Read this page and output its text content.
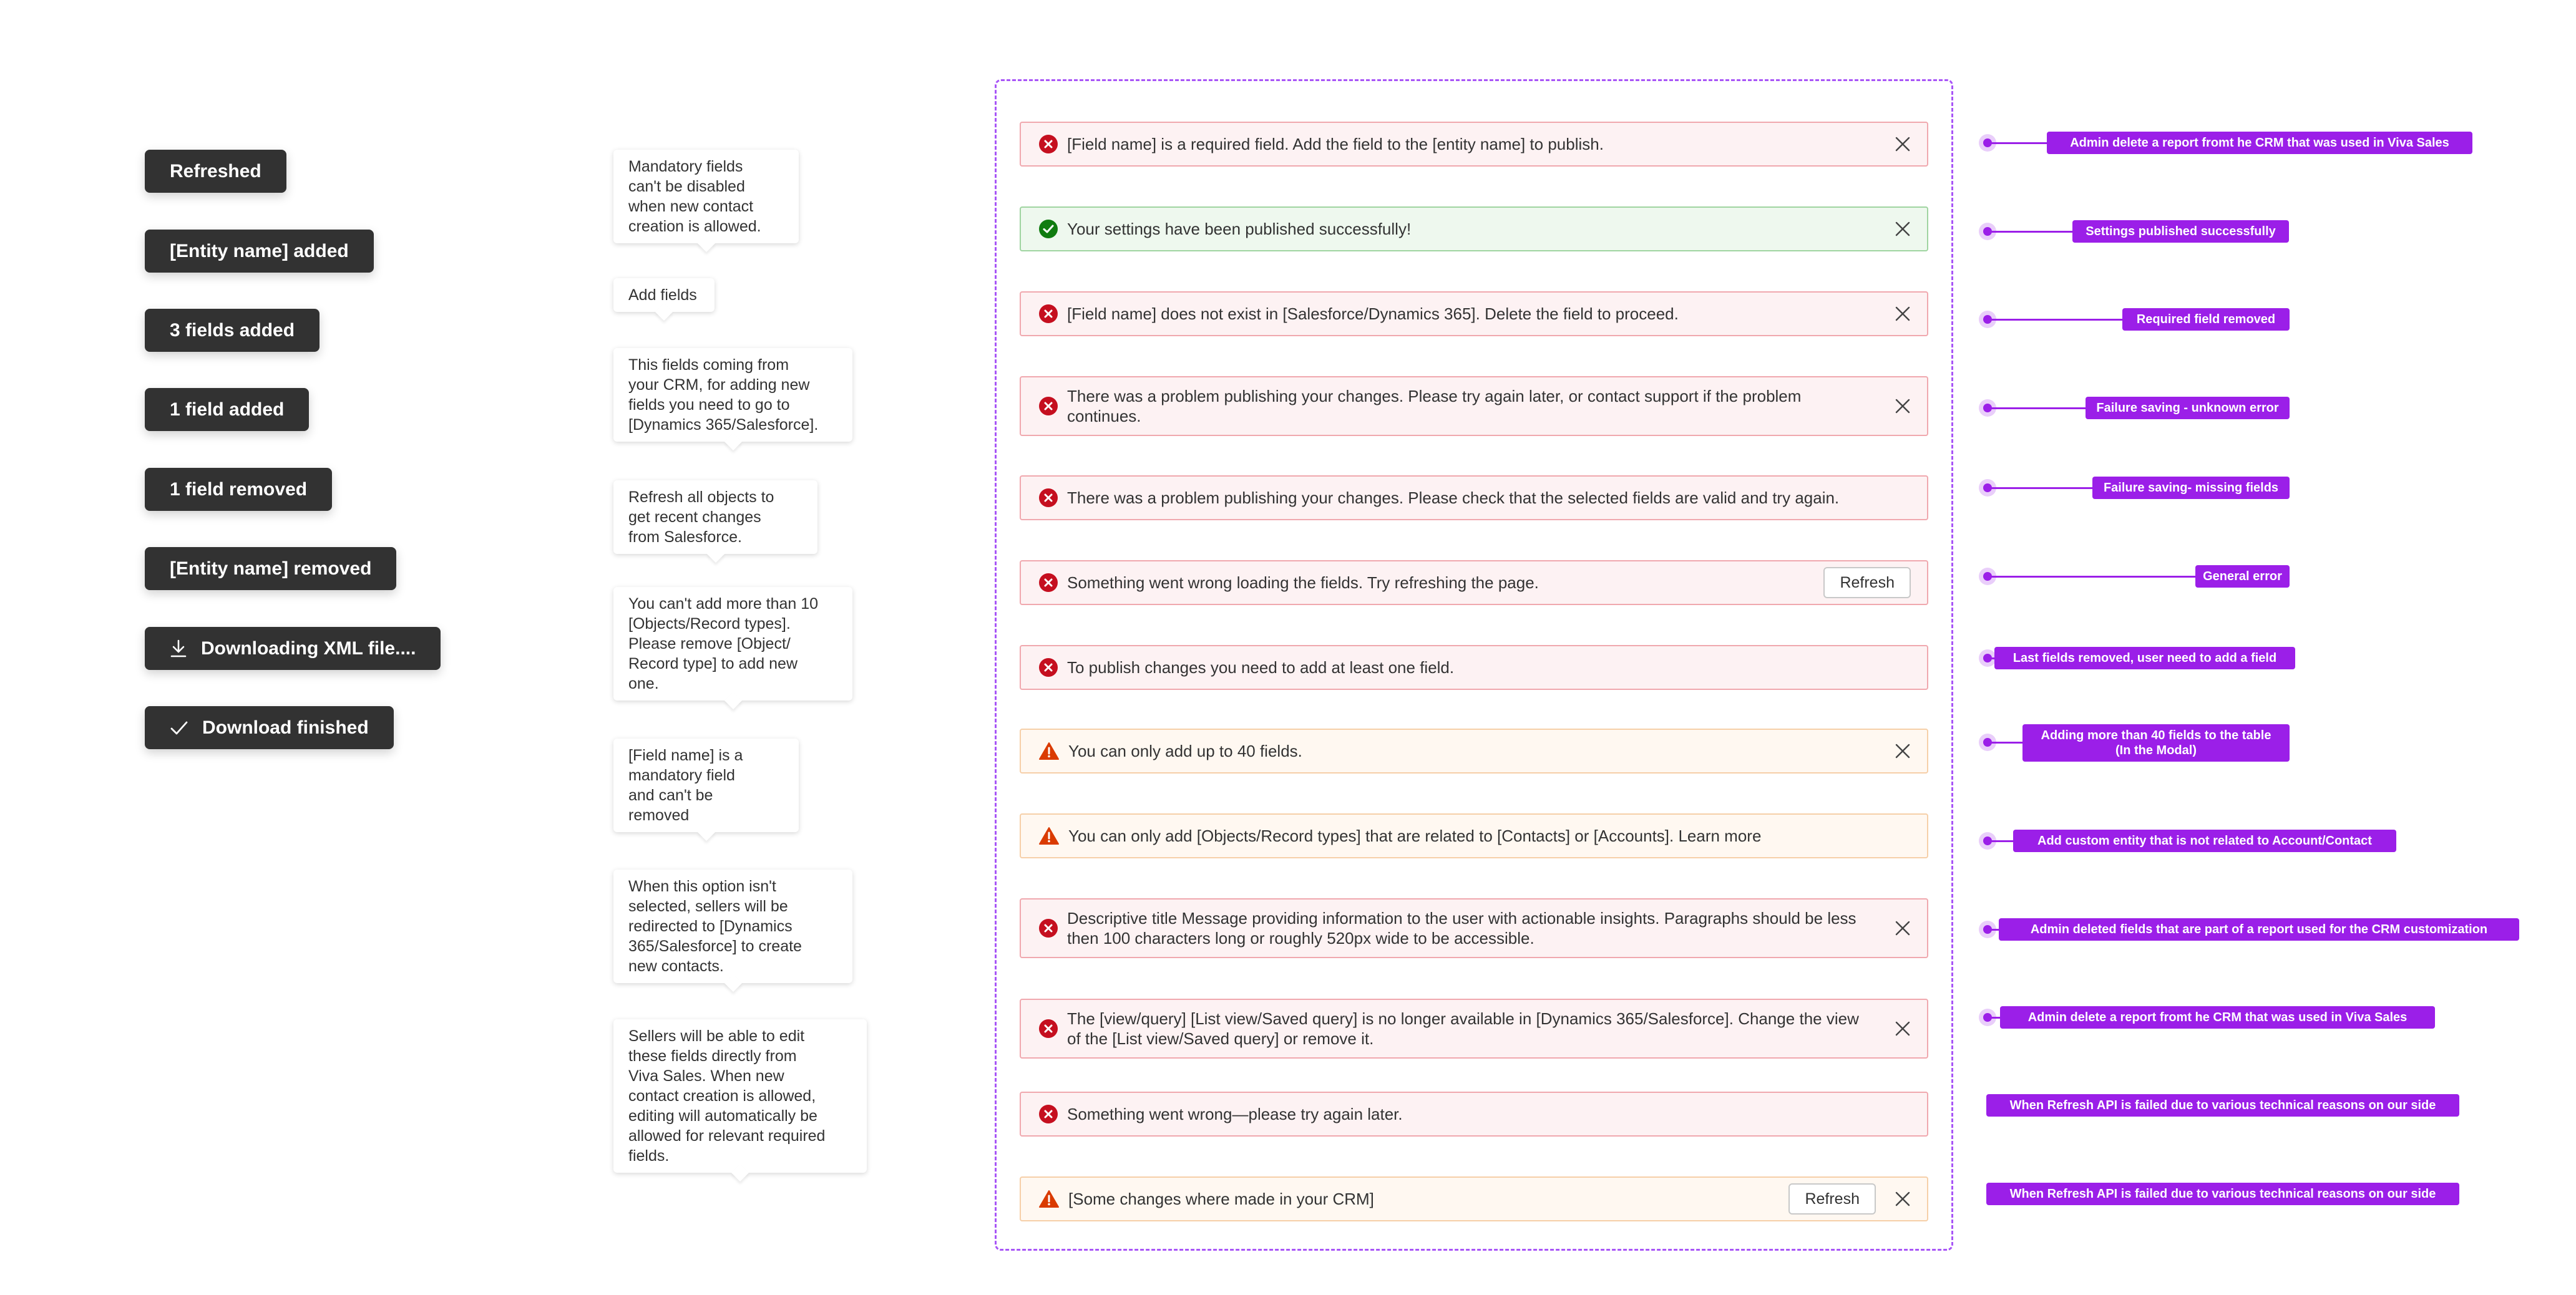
Refreshed
[Entity name] added
3 fields added
1 field added
1 field removed
[Entity name] removed
Downloading XML file....
Download finished
Mandatory fields
can't be disabled
when new contact
creation is allowed.
Add fields
This fields coming from
your CRM, for adding new
fields you need to go to
[Dynamics 365/Salesforce].
Refresh all objects to
get recent changes
from Salesforce.
You can't add more than 10
[Objects/Record types].
Please remove [Object/
Record type] to add new
one.
[Field name] is a
mandatory field
and can't be
removed
When this option isn't
selected, sellers will be
redirected to [Dynamics
365/Salesforce] to create
new contacts.
Sellers will be able to edit
these fields directly from
Viva Sales. When new
contact creation is allowed,
editing will automatically be
allowed for relevant required
fields.
[Field name] is a required field. Add the field to the [entity name] to publish.
Your settings have been published successfully!
[Field name] does not exist in [Salesforce/Dynamics 365]. Delete the field to proceed.
There was a problem publishing your changes. Please try again later, or contact support if the problem continues.
There was a problem publishing your changes. Please check that the selected fields are valid and try again.
Something went wrong loading the fields. Try refreshing the page.	Refresh
To publish changes you need to add at least one field.
You can only add up to 40 fields.
You can only add [Objects/Record types] that are related to [Contacts] or [Accounts]. Learn more
Descriptive title Message providing information to the user with actionable insights. Paragraphs should be less then 100 characters long or roughly 520px wide to be accessible.
The [view/query] [List view/Saved query] is no longer available in [Dynamics 365/Salesforce]. Change the view of the [List view/Saved query] or remove it.
Something went wrong—please try again later.
[Some changes where made in your CRM]	Refresh
Admin delete a report fromt he CRM that was used in Viva Sales
Settings published successfully
Required field removed
Failure saving - unknown error
Failure saving- missing fields
General error
Last fields removed, user need to add a field
Adding more than 40 fields to the table
(In the Modal)
Add custom entity that is not related to Account/Contact
Admin deleted fields that are part of a report used for the CRM customization
Admin delete a report fromt he CRM that was used in Viva Sales
When Refresh API is failed due to various technical reasons on our side
When Refresh API is failed due to various technical reasons on our side
